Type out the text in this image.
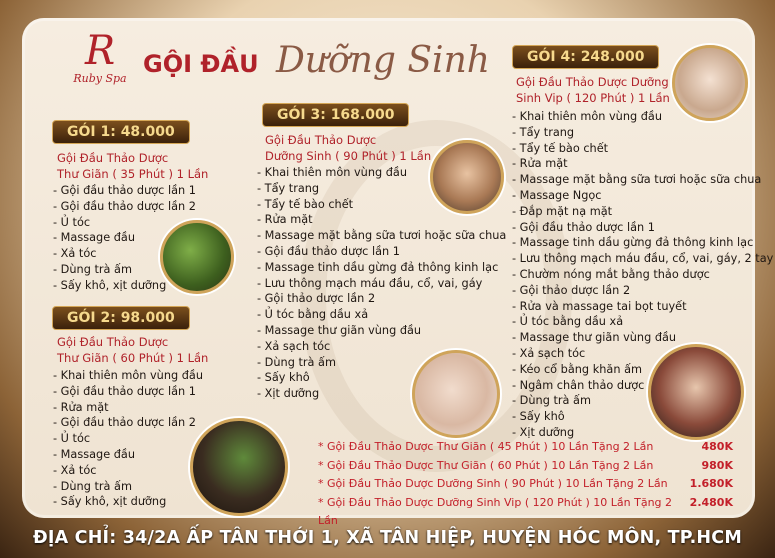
R
Ruby Spa
GỘI ĐẦU Dưỡng Sinh
GÓI 1: 48.000
Gội Đầu Thảo Dược
Thư Giãn ( 35 Phút ) 1 Lần
- Gội đầu thảo dược lần 1
- Gội đầu thảo dược lần 2
- Ủ tóc
- Massage đầu
- Xả tóc
- Dùng trà ấm
- Sấy khô, xịt dưỡng
GÓI 2: 98.000
Gội Đầu Thảo Dược
Thư Giãn ( 60 Phút ) 1 Lần
- Khai thiên môn vùng đầu
- Gội đầu thảo dược lần 1
- Rửa mặt
- Gội đầu thảo dược lần 2
- Ủ tóc
- Massage đầu
- Xả tóc
- Dùng trà ấm
- Sấy khô, xịt dưỡng
GÓI 3: 168.000
Gội Đầu Thảo Dược
Dưỡng Sinh ( 90 Phút ) 1 Lần
- Khai thiên môn vùng đầu
- Tẩy trang
- Tẩy tế bào chết
- Rửa mặt
- Massage mặt bằng sữa tươi hoặc sữa chua
- Gội đầu thảo dược lần 1
- Massage tinh dầu gừng đả thông kinh lạc
- Lưu thông mạch máu đầu, cổ, vai, gáy
- Gội thảo dược lần 2
- Ủ tóc bằng dầu xả
- Massage thư giãn vùng đầu
- Xả sạch tóc
- Dùng trà ấm
- Sấy khô
- Xịt dưỡng
GÓI 4: 248.000
Gội Đầu Thảo Dược Dưỡng
Sinh Vip ( 120 Phút ) 1 Lần
- Khai thiên môn vùng đầu
- Tẩy trang
- Tẩy tế bào chết
- Rửa mặt
- Massage mặt bằng sữa tươi hoặc sữa chua
- Massage Ngọc
- Đắp mặt nạ mặt
- Gội đầu thảo dược lần 1
- Massage tinh dầu gừng đả thông kinh lạc
- Lưu thông mạch máu đầu, cổ, vai, gáy, 2 tay
- Chườm nóng mắt bằng thảo dược
- Gội thảo dược lần 2
- Rửa và massage tai bọt tuyết
- Ủ tóc bằng dầu xả
- Massage thư giãn vùng đầu
- Xả sạch tóc
- Kéo cổ bằng khăn ấm
- Ngâm chân thảo dược
- Dùng trà ấm
- Sấy khô
- Xịt dưỡng
* Gội Đầu Thảo Dược Thư Giãn ( 45 Phút ) 10 Lần Tặng 2 Lần	480K
* Gội Đầu Thảo Dược Thư Giãn ( 60 Phút ) 10 Lần Tặng 2 Lần	980K
* Gội Đầu Thảo Dược Dưỡng Sinh ( 90 Phút ) 10 Lần Tặng 2 Lần	1.680K
* Gội Đầu Thảo Dược Dưỡng Sinh Vip ( 120 Phút ) 10 Lần Tặng 2 Lần
2.480K
ĐỊA CHỈ: 34/2A ẤP TÂN THỚI 1, XÃ TÂN HIỆP, HUYỆN HÓC MÔN, TP.HCM
